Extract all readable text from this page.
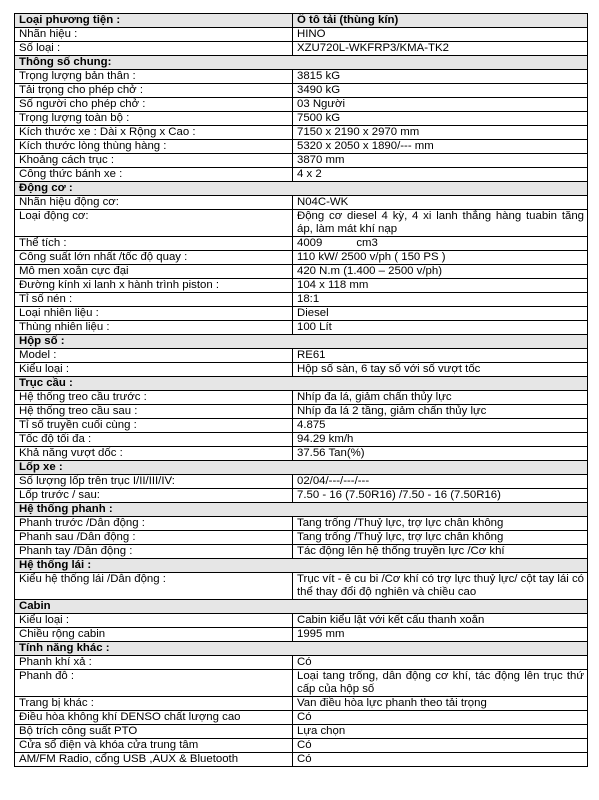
Loại phương tiện :	Ô tô tải (thùng kín)
Nhãn hiệu :	HINO
Số loại :	XZU720L-WKFRP3/KMA-TK2
Thông số chung:	
Trọng lượng bản thân :	3815 kG
Tải trọng cho phép chở :	3490 kG
Số người cho phép chở :	03 Người
Trọng lượng toàn bộ :	7500 kG
Kích thước xe : Dài x Rộng x Cao :	7150 x 2190 x 2970 mm
Kích thước lòng thùng hàng :	5320 x 2050 x 1890/--- mm
Khoảng cách trục :	3870 mm
Công thức bánh xe :	4 x 2
Động cơ :	
Nhãn hiệu động cơ:	N04C-WK
Loại động cơ:	Động cơ diesel 4 kỳ, 4 xi lanh thẳng hàng tuabin tăng áp, làm mát khí nạp
Thể tích :	4009 cm3
Công suất lớn nhất /tốc độ quay :	110 kW/ 2500 v/ph ( 150 PS )
Mô men xoắn cực đại	420 N.m (1.400 – 2500 v/ph)
Đường kính xi lanh x hành trình piston :	104 x 118 mm
Tỉ số nén :	18:1
Loại nhiên liệu :	Diesel
Thùng nhiên liệu :	100 Lít
Hộp số :	
Model :	RE61
Kiểu loại :	Hộp số sàn, 6 tay số với số vượt tốc
Trục cầu :	
Hệ thống treo cầu trước :	Nhíp đa lá, giảm chấn thủy lực
Hệ thống treo cầu sau :	Nhíp đa lá 2 tầng, giảm chấn thủy lực
Tỉ số truyền cuối cùng :	4.875
Tốc độ tối đa :	94.29 km/h
Khả năng vượt dốc :	37.56 Tan(%)
Lốp xe :	
Số lượng lốp trên trục I/II/III/IV:	02/04/---/---/---
Lốp trước / sau:	7.50 - 16 (7.50R16) /7.50 - 16 (7.50R16)
Hệ thống phanh :	
Phanh trước /Dẫn động :	Tang trống /Thuỷ lực, trợ lực chân không
Phanh sau /Dẫn động :	Tang trống /Thuỷ lực, trợ lực chân không
Phanh tay /Dẫn động :	Tác động lên hệ thống truyền lực /Cơ khí
Hệ thống lái :	
Kiểu hệ thống lái /Dẫn động :	Trục vít - ê cu bi /Cơ khí có trợ lực thuỷ lực/ cột tay lái có thể thay đổi độ nghiên và chiều cao
Cabin	
Kiểu loại :	Cabin kiểu lật với kết cấu thanh xoắn
Chiều rộng cabin	1995 mm
Tính năng khác :	
Phanh khí xả :	Có
Phanh đỗ :	Loại tang trống, dẫn động cơ khí, tác động lên trục thứ cấp của hộp số
Trang bị khác :	Van điều hòa lực phanh theo tải trọng
Điều hòa không khí DENSO chất lượng cao	Có
Bộ trích công suất PTO	Lựa chọn
Cửa sổ điện và khóa cửa trung tâm	Có
AM/FM Radio, cổng USB ,AUX & Bluetooth	Có
